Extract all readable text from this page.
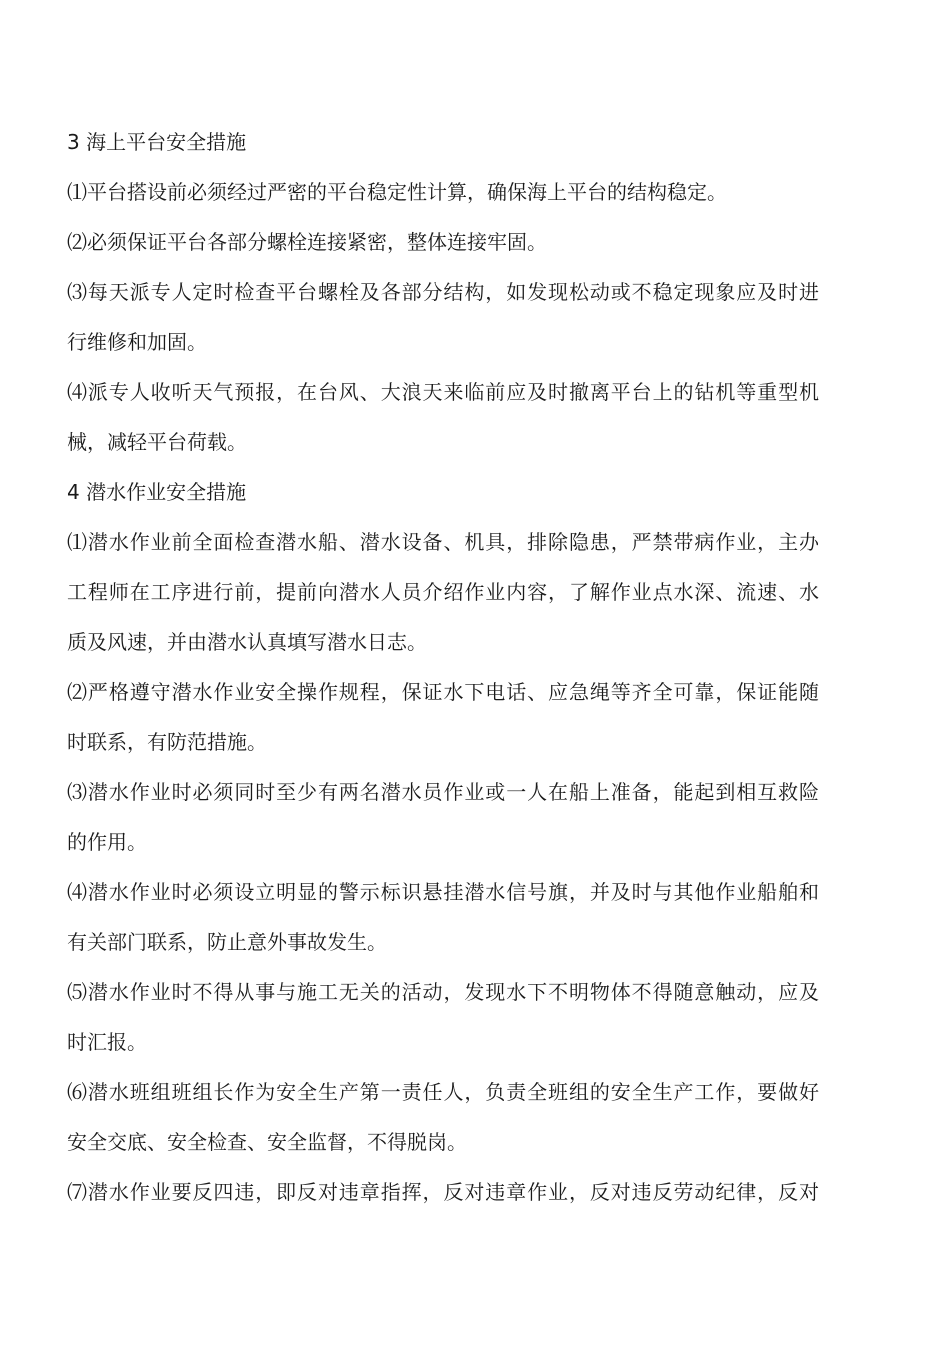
3 海上平台安全措施
⑴平台搭设前必须经过严密的平台稳定性计算，确保海上平台的结构稳定。
⑵必须保证平台各部分螺栓连接紧密，整体连接牢固。
⑶每天派专人定时检查平台螺栓及各部分结构，如发现松动或不稳定现象应及时进
行维修和加固。
⑷派专人收听天气预报，在台风、大浪天来临前应及时撤离平台上的钻机等重型机
械，减轻平台荷载。
4 潜水作业安全措施
⑴潜水作业前全面检查潜水船、潜水设备、机具，排除隐患，严禁带病作业，主办
工程师在工序进行前，提前向潜水人员介绍作业内容，了解作业点水深、流速、水
质及风速，并由潜水认真填写潜水日志。
⑵严格遵守潜水作业安全操作规程，保证水下电话、应急绳等齐全可靠，保证能随
时联系，有防范措施。
⑶潜水作业时必须同时至少有两名潜水员作业或一人在船上准备，能起到相互救险
的作用。
⑷潜水作业时必须设立明显的警示标识悬挂潜水信号旗，并及时与其他作业船舶和
有关部门联系，防止意外事故发生。
⑸潜水作业时不得从事与施工无关的活动，发现水下不明物体不得随意触动，应及
时汇报。
⑹潜水班组班组长作为安全生产第一责任人，负责全班组的安全生产工作，要做好
安全交底、安全检查、安全监督，不得脱岗。
⑺潜水作业要反四违，即反对违章指挥，反对违章作业，反对违反劳动纪律，反对
